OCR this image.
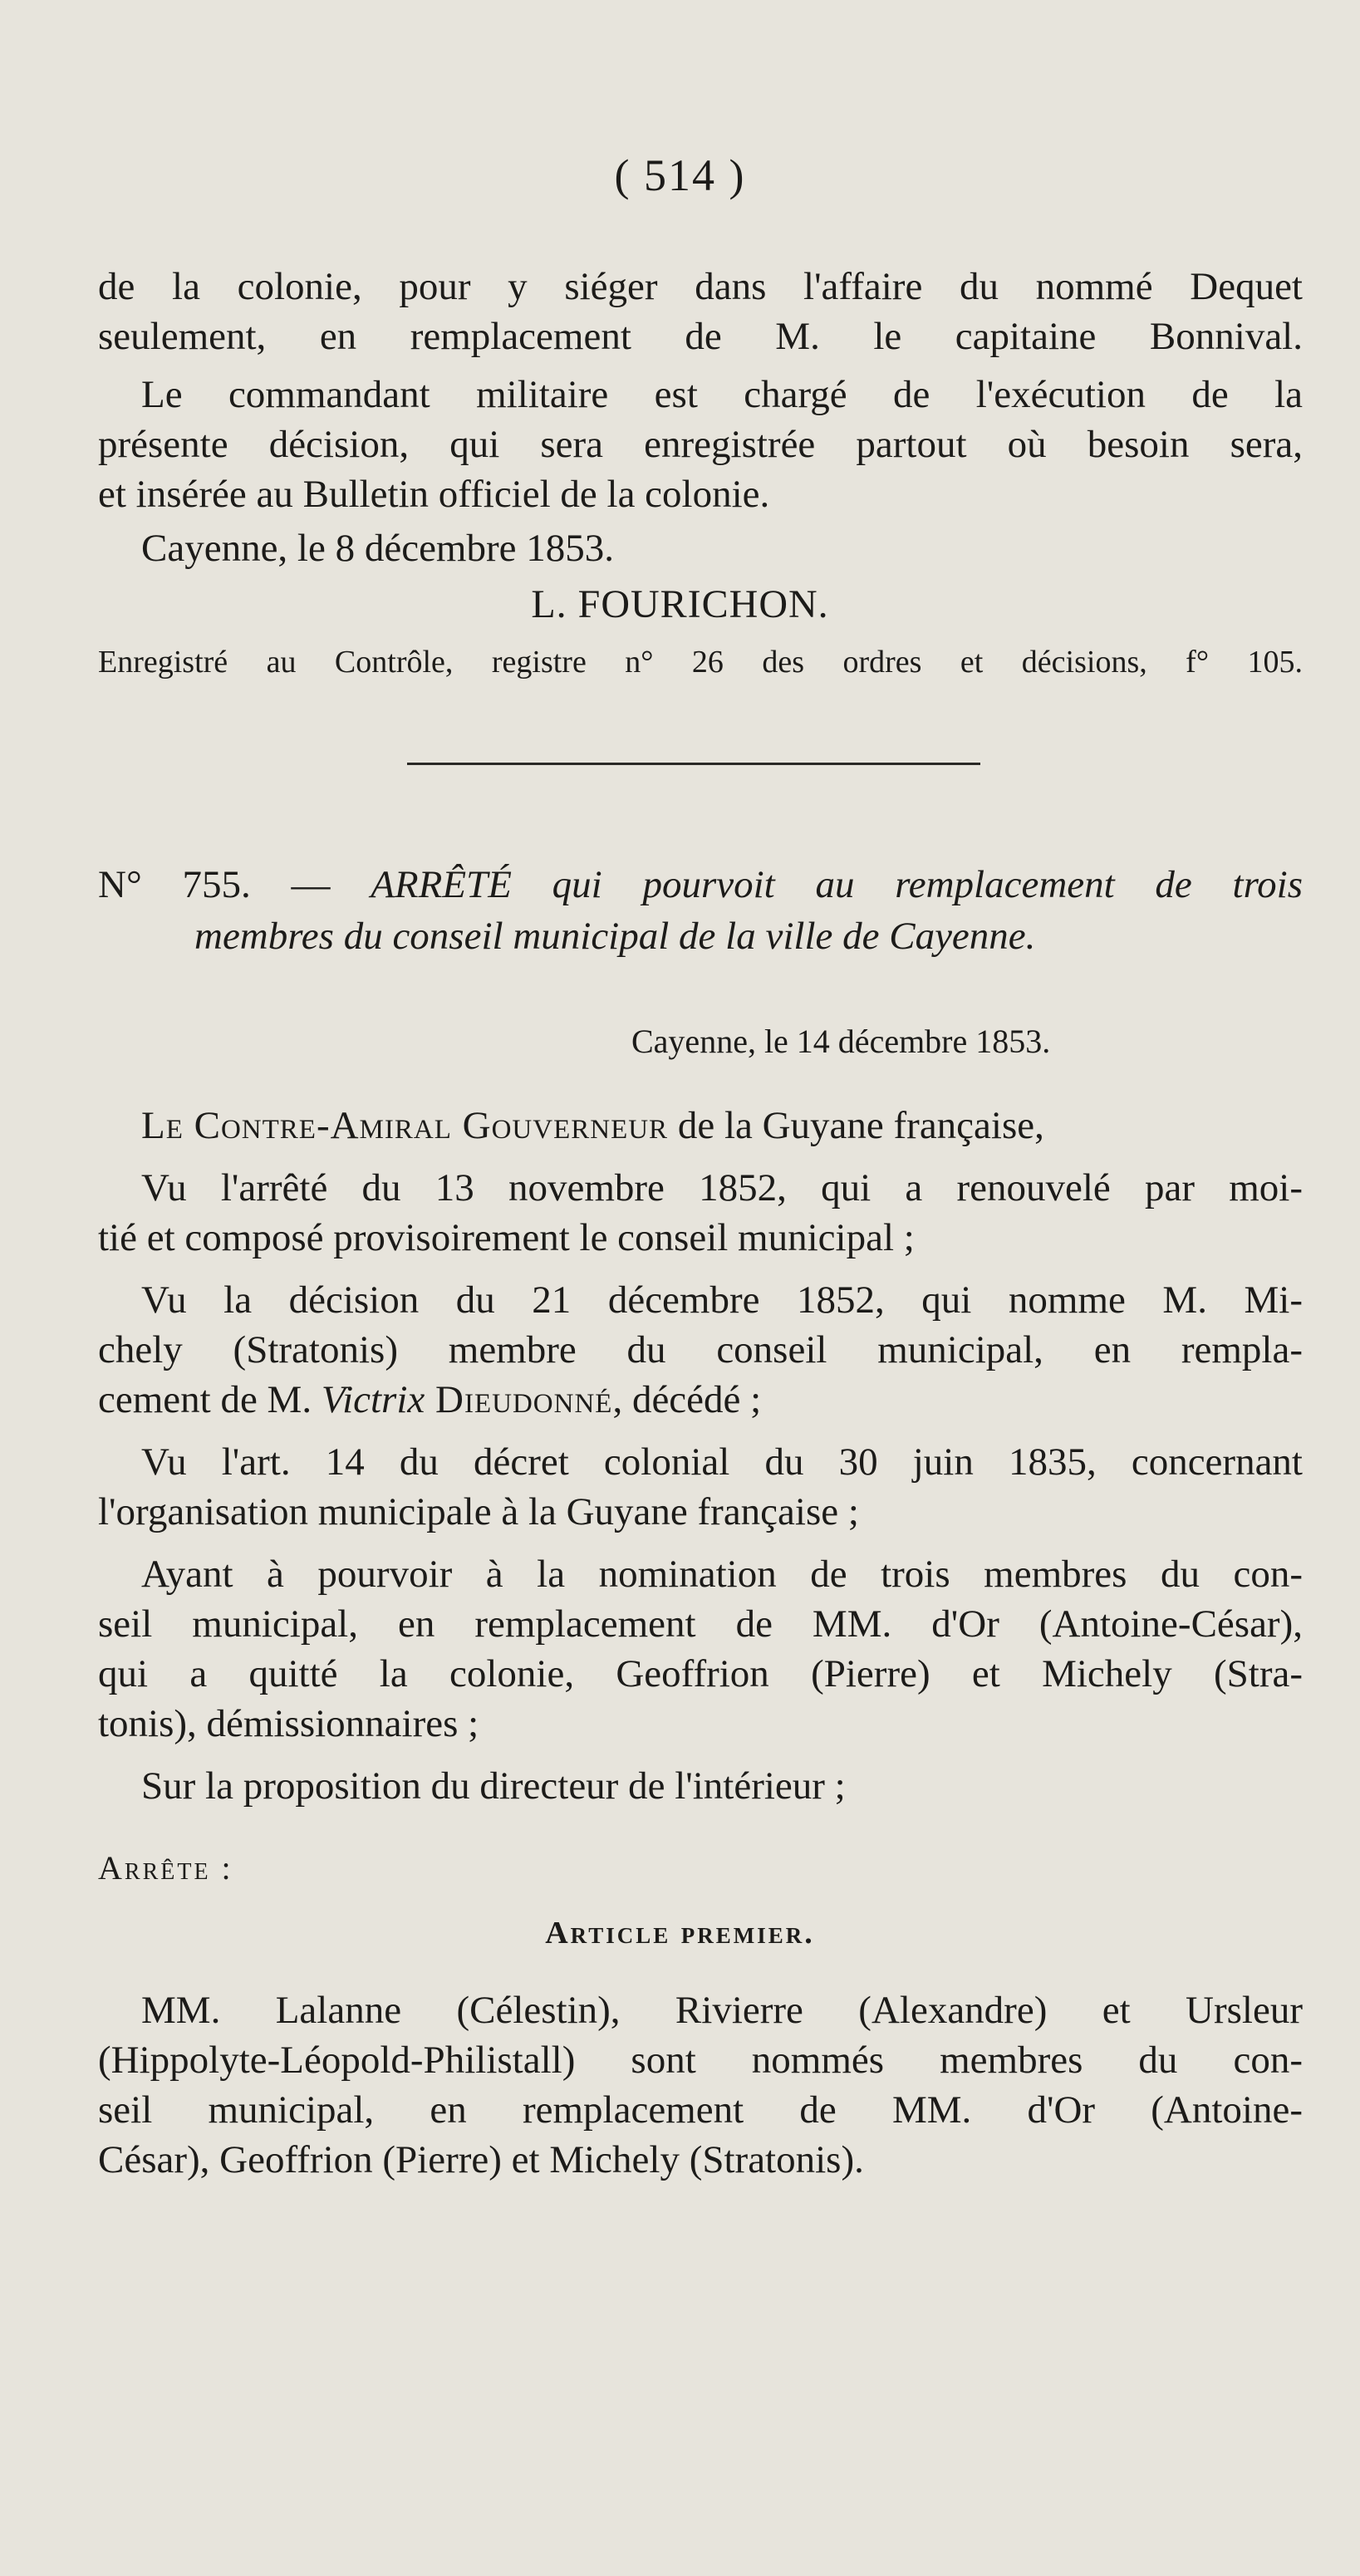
( 514 )
de la colonie, pour y siéger dans l'affaire du nommé Dequet
seulement, en remplacement de M. le capitaine Bonnival.
Le commandant militaire est chargé de l'exécution de la
présente décision, qui sera enregistrée partout où besoin sera,
et insérée au Bulletin officiel de la colonie.
Cayenne, le 8 décembre 1853.
L. FOURICHON.
Enregistré au Contrôle, registre n° 26 des ordres et décisions, f° 105.
N° 755. — ARRÊTÉ qui pourvoit au remplacement de trois
membres du conseil municipal de la ville de Cayenne.
Cayenne, le 14 décembre 1853.
Le Contre-Amiral Gouverneur de la Guyane française,
Vu l'arrêté du 13 novembre 1852, qui a renouvelé par moi-
tié et composé provisoirement le conseil municipal ;
Vu la décision du 21 décembre 1852, qui nomme M. Mi-
chely (Stratonis) membre du conseil municipal, en rempla-
cement de M. Victrix Dieudonné, décédé ;
Vu l'art. 14 du décret colonial du 30 juin 1835, concernant
l'organisation municipale à la Guyane française ;
Ayant à pourvoir à la nomination de trois membres du con-
seil municipal, en remplacement de MM. d'Or (Antoine-César),
qui a quitté la colonie, Geoffrion (Pierre) et Michely (Stra-
tonis), démissionnaires ;
Sur la proposition du directeur de l'intérieur ;
Arrête :
Article premier.
MM. Lalanne (Célestin), Rivierre (Alexandre) et Ursleur
(Hippolyte-Léopold-Philistall) sont nommés membres du con-
seil municipal, en remplacement de MM. d'Or (Antoine-
César), Geoffrion (Pierre) et Michely (Stratonis).
